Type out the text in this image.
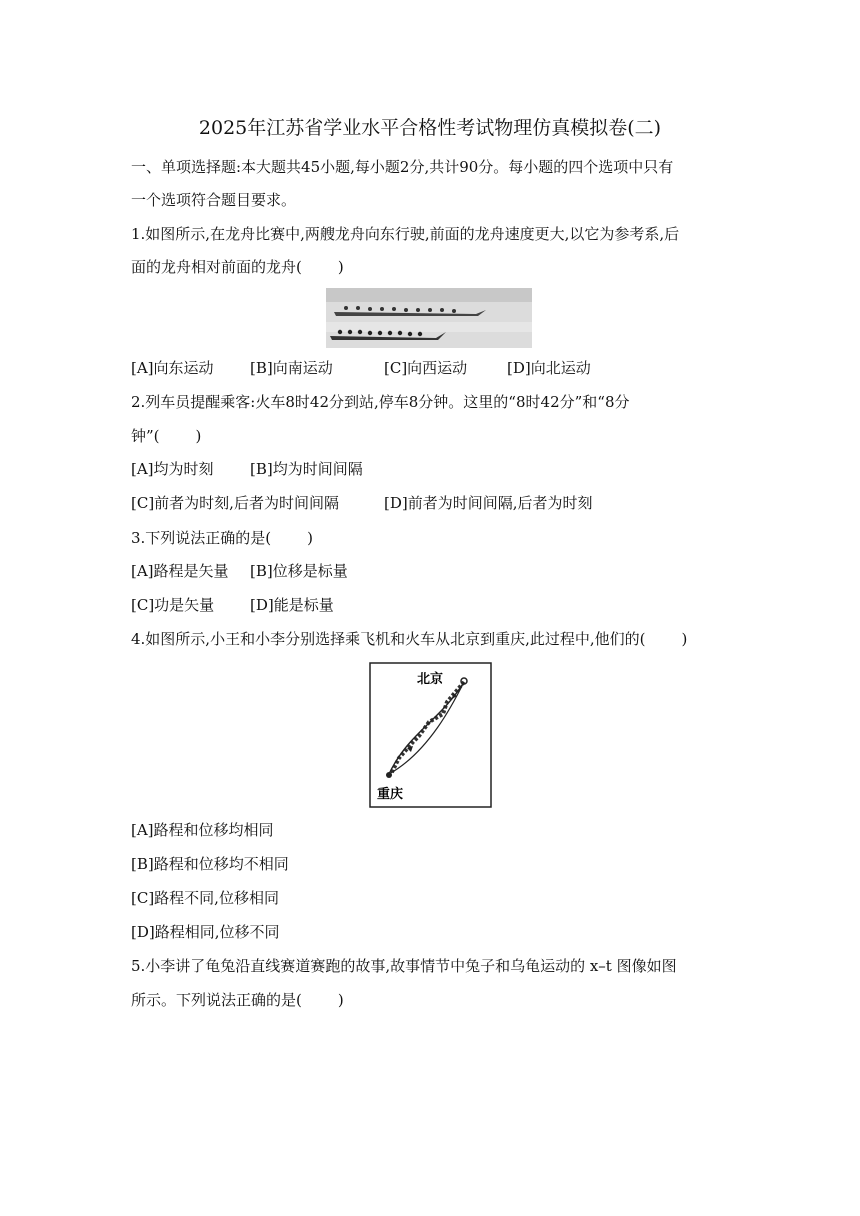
2025年江苏省学业水平合格性考试物理仿真模拟卷(二)
一、单项选择题:本大题共45小题,每小题2分,共计90分。每小题的四个选项中只有
一个选项符合题目要求。
1.如图所示,在龙舟比赛中,两艘龙舟向东行驶,前面的龙舟速度更大,以它为参考系,后
面的龙舟相对前面的龙舟( )
[A]向东运动 [B]向南运动	[C]向西运动	[D]向北运动
2.列车员提醒乘客:火车8时42分到站,停车8分钟。这里的“8时42分”和“8分
钟”( )
[A]均为时刻 [B]均为时间间隔
[C]前者为时刻,后者为时间间隔	[D]前者为时间间隔,后者为时刻
3.下列说法正确的是( )
[A]路程是矢量 [B]位移是标量
[C]功是矢量 [D]能是标量
4.如图所示,小王和小李分别选择乘飞机和火车从北京到重庆,此过程中,他们的( )
北京
重庆
[A]路程和位移均相同
[B]路程和位移均不相同
[C]路程不同,位移相同
[D]路程相同,位移不同
5.小李讲了龟兔沿直线赛道赛跑的故事,故事情节中兔子和乌龟运动的 x–t 图像如图
所示。下列说法正确的是( )
